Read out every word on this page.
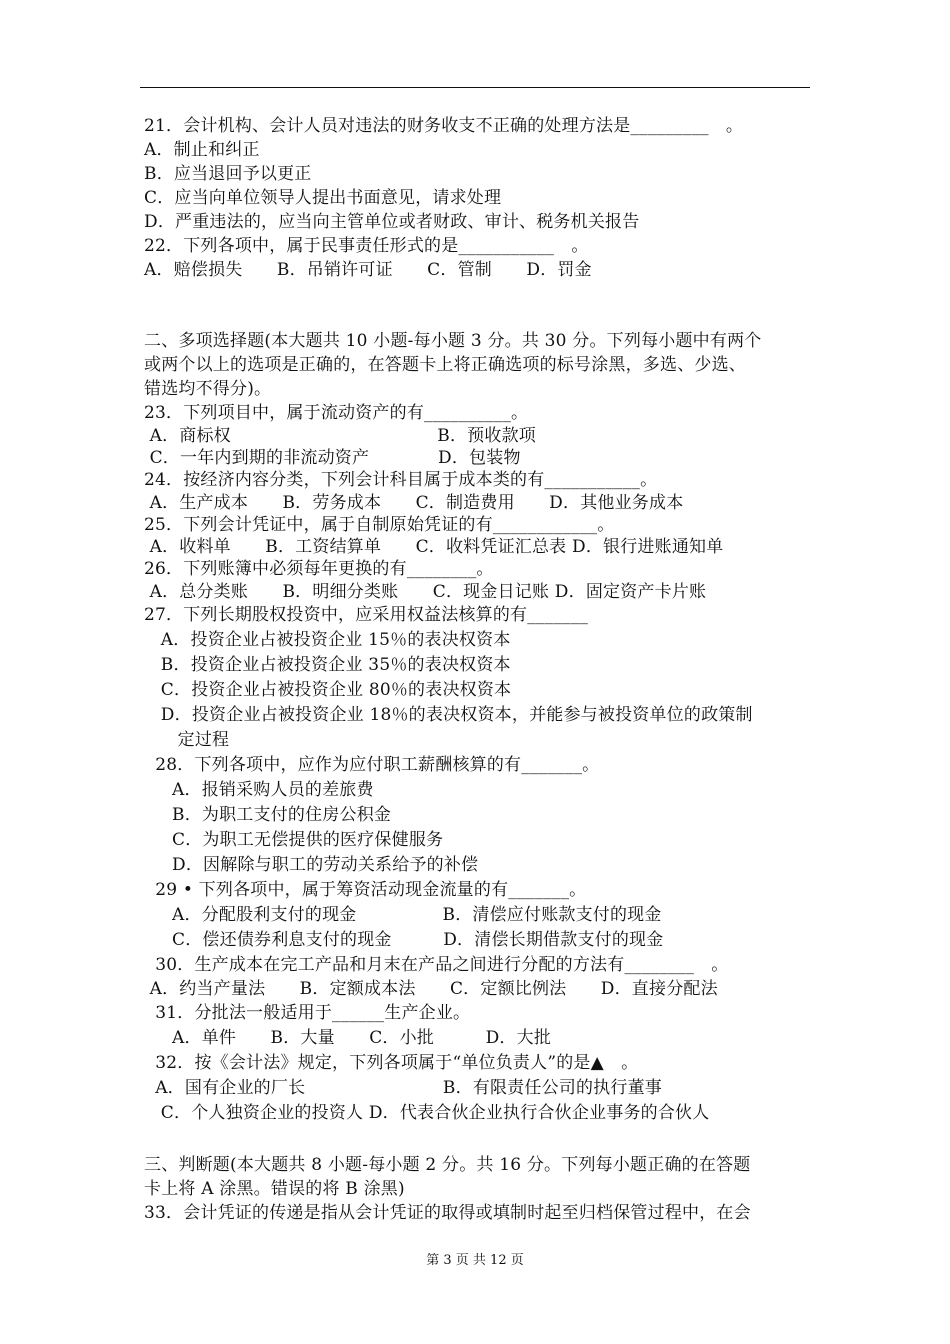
21．会计机构、会计人员对违法的财务收支不正确的处理方法是_________　。
A．制止和纠正
B．应当退回予以更正
C．应当向单位领导人提出书面意见，请求处理
D．严重违法的，应当向主管单位或者财政、审计、税务机关报告
22．下列各项中，属于民事责任形式的是___________　。
A．赔偿损失　　B．吊销许可证　　C．管制　　D．罚金
二、多项选择题(本大题共 10 小题-每小题 3 分。共 30 分。下列每小题中有两个
或两个以上的选项是正确的，在答题卡上将正确选项的标号涂黑，多选、少选、
错选均不得分)。
23．下列项目中，属于流动资产的有__________。
A．商标权　　　　　　　　　　　　B．预收款项
C．一年内到期的非流动资产　　　　D．包装物
24．按经济内容分类，下列会计科目属于成本类的有___________。
A．生产成本　　B．劳务成本　　C．制造费用　　D．其他业务成本
25．下列会计凭证中，属于自制原始凭证的有____________。
A．收料单　　B．工资结算单　　C．收料凭证汇总表 D．银行进账通知单
26．下列账簿中必须每年更换的有________。
A．总分类账　　B．明细分类账　　C．现金日记账 D．固定资产卡片账
27．下列长期股权投资中，应采用权益法核算的有_______
A．投资企业占被投资企业 15％的表决权资本
B．投资企业占被投资企业 35％的表决权资本
C．投资企业占被投资企业 80％的表决权资本
D．投资企业占被投资企业 18％的表决权资本，并能参与被投资单位的政策制
定过程
28．下列各项中，应作为应付职工薪酬核算的有_______。
A．报销采购人员的差旅费
B．为职工支付的住房公积金
C．为职工无偿提供的医疗保健服务
D．因解除与职工的劳动关系给予的补偿
29 • 下列各项中，属于筹资活动现金流量的有_______。
A．分配股利支付的现金　　　　　B．清偿应付账款支付的现金
C．偿还债券利息支付的现金　　　D．清偿长期借款支付的现金
30．生产成本在完工产品和月末在产品之间进行分配的方法有________　。
A．约当产量法　　B．定额成本法　　C．定额比例法　　D．直接分配法
31．分批法一般适用于______生产企业。
A．单件　　B．大量　　C．小批　　　D．大批
32．按《会计法》规定，下列各项属于“单位负责人”的是▲　。
A．国有企业的厂长　　　　　　　　B．有限责任公司的执行董事
C．个人独资企业的投资人 D．代表合伙企业执行合伙企业事务的合伙人
三、判断题(本大题共 8 小题-每小题 2 分。共 16 分。下列每小题正确的在答题
卡上将 A 涂黑。错误的将 B 涂黑)
33．会计凭证的传递是指从会计凭证的取得或填制时起至归档保管过程中，在会
第 3 页 共 12 页
